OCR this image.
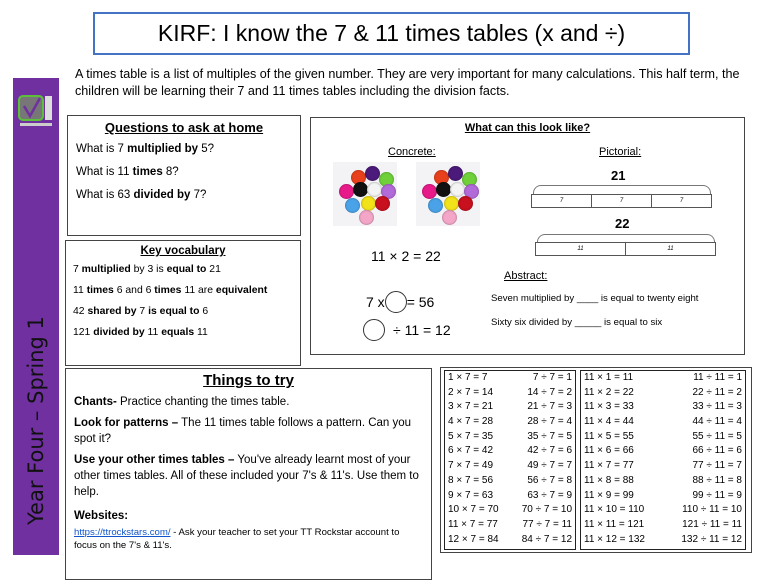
KIRF: I know the 7 & 11 times tables (x and ÷)
Year Four – Spring 1
A times table is a list of multiples of the given number. They are very important for many calculations. This half term, the children will be learning their 7 and 11 times tables including the division facts.
Questions to ask at home
What is 7 multiplied by 5?
What is 11 times 8?
What is 63 divided by 7?
Key vocabulary
7 multiplied by 3 is equal to 21
11 times 6 and 6 times 11 are equivalent
42 shared by 7 is equal to 6
121 divided by 11 equals 11
What can this look like?
Concrete:	Pictorial:
11 × 2 = 22
21
7	7	7
22
11	11
Abstract:
7 x = 56
÷ 11 = 12
Seven multiplied by ____ is equal to twenty eight
Sixty six divided by _____ is equal to six
Things to try
Chants- Practice chanting the times table.
Look for patterns – The 11 times table follows a pattern. Can you spot it?
Use your other times tables – You've already learnt most of your other times tables. All of these included your 7's & 11's. Use them to help.
Websites:
https://ttrockstars.com/ - Ask your teacher to set your TT Rockstar account to focus on the 7's & 11's.
1 × 7 = 7	7 ÷ 7 = 1
2 × 7 = 14	14 ÷ 7 = 2
3 × 7 = 21	21 ÷ 7 = 3
4 × 7 = 28	28 ÷ 7 = 4
5 × 7 = 35	35 ÷ 7 = 5
6 × 7 = 42	42 ÷ 7 = 6
7 × 7 = 49	49 ÷ 7 = 7
8 × 7 = 56	56 ÷ 7 = 8
9 × 7 = 63	63 ÷ 7 = 9
10 × 7 = 70 70 ÷ 7 = 10
11 × 7 = 77 77 ÷ 7 = 11
12 × 7 = 84 84 ÷ 7 = 12
11 × 1 = 11	11 ÷ 11 = 1
11 × 2 = 22	22 ÷ 11 = 2
11 × 3 = 33	33 ÷ 11 = 3
11 × 4 = 44	44 ÷ 11 = 4
11 × 5 = 55	55 ÷ 11 = 5
11 × 6 = 66	66 ÷ 11 = 6
11 × 7 = 77	77 ÷ 11 = 7
11 × 8 = 88	88 ÷ 11 = 8
11 × 9 = 99	99 ÷ 11 = 9
11 × 10 = 110	110 ÷ 11 = 10
11 × 11 = 121	121 ÷ 11 = 11
11 × 12 = 132	132 ÷ 11 = 12
